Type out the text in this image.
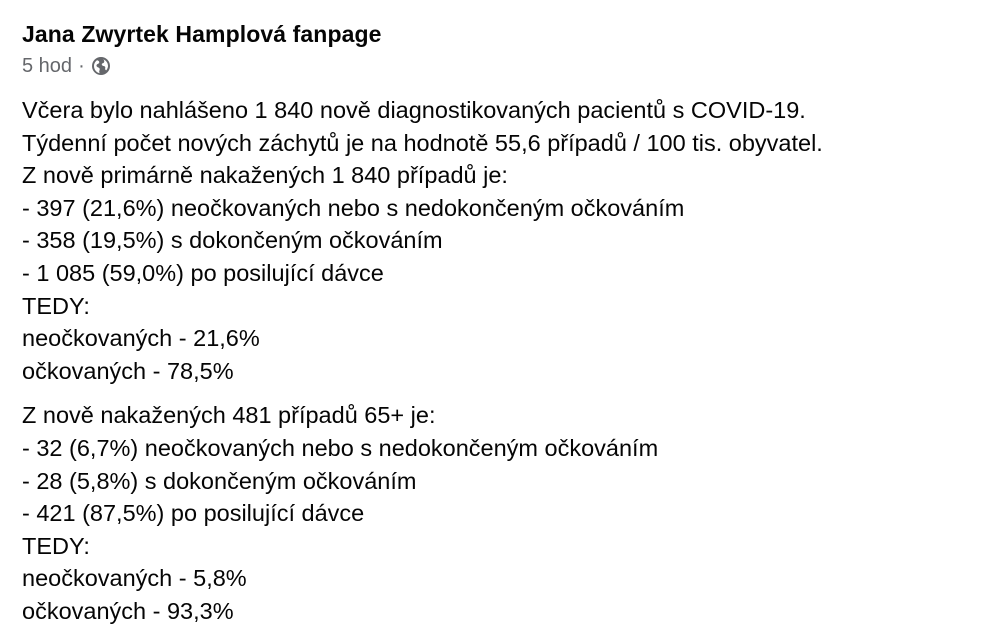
Jana Zwyrtek Hamplová fanpage
5 hod ·
Včera bylo nahlášeno 1 840 nově diagnostikovaných pacientů s COVID-19.
Týdenní počet nových záchytů je na hodnotě 55,6 případů / 100 tis. obyvatel.
Z nově primárně nakažených 1 840 případů je:
- 397 (21,6%) neočkovaných nebo s nedokončeným očkováním
- 358 (19,5%) s dokončeným očkováním
- 1 085 (59,0%) po posilující dávce
TEDY:
neočkovaných - 21,6%
očkovaných - 78,5%
Z nově nakažených 481 případů 65+ je:
- 32 (6,7%) neočkovaných nebo s nedokončeným očkováním
- 28 (5,8%) s dokončeným očkováním
- 421 (87,5%) po posilující dávce
TEDY:
neočkovaných - 5,8%
očkovaných - 93,3%
